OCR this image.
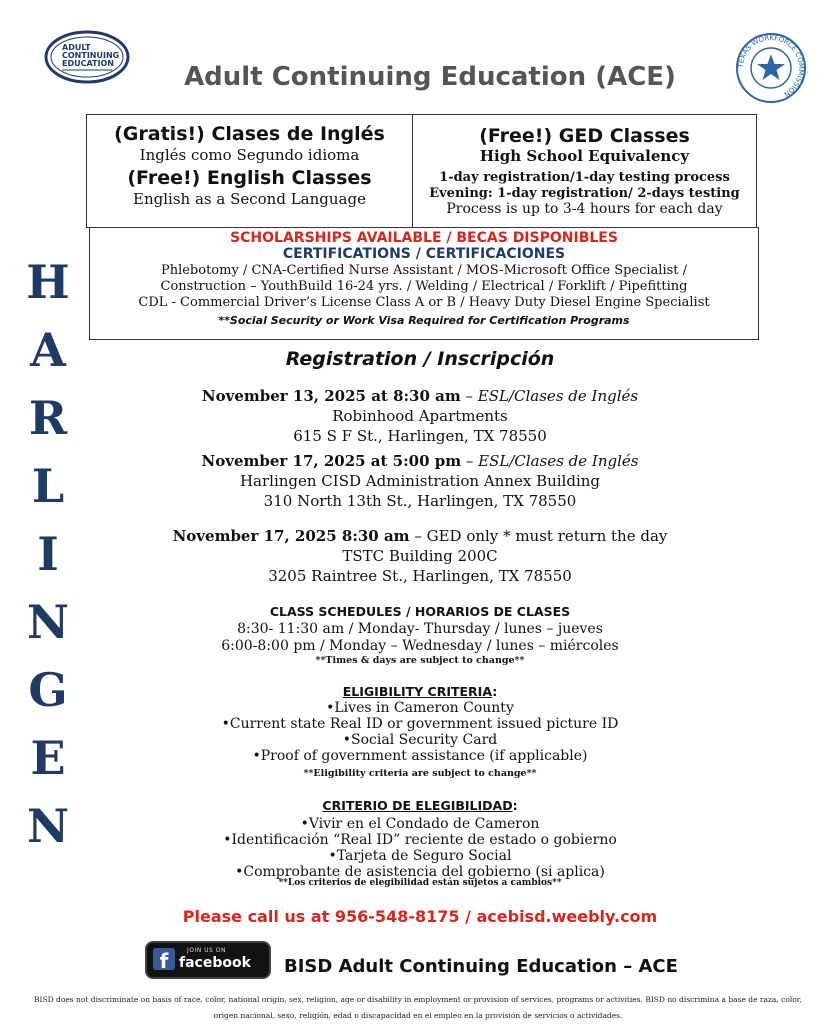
ADULT
CONTINUING
EDUCATION	Adult Continuing Education (ACE)	TEXAS WORKFORCE COMMISSION
(Gratis!) Clases de Inglés
Inglés como Segundo idioma
(Free!) English Classes
English as a Second Language
(Free!) GED Classes
High School Equivalency
1-day registration/1-day testing process
Evening: 1-day registration/ 2-days testing
Process is up to 3-4 hours for each day
SCHOLARSHIPS AVAILABLE / BECAS DISPONIBLES
CERTIFICATIONS / CERTIFICACIONES
Phlebotomy / CNA-Certified Nurse Assistant / MOS-Microsoft Office Specialist /
Construction – YouthBuild 16-24 yrs. / Welding / Electrical / Forklift / Pipefitting
CDL - Commercial Driver’s License Class A or B / Heavy Duty Diesel Engine Specialist
**Social Security or Work Visa Required for Certification Programs
H
A
R
L
I
N
G
E
N
Registration / Inscripción
November 13, 2025 at 8:30 am – ESL/Clases de Inglés
Robinhood Apartments
615 S F St., Harlingen, TX 78550
November 17, 2025 at 5:00 pm – ESL/Clases de Inglés
Harlingen CISD Administration Annex Building
310 North 13th St., Harlingen, TX 78550
November 17, 2025 8:30 am – GED only * must return the day
TSTC Building 200C
3205 Raintree St., Harlingen, TX 78550
CLASS SCHEDULES / HORARIOS DE CLASES
8:30- 11:30 am / Monday- Thursday / lunes – jueves
6:00-8:00 pm / Monday – Wednesday / lunes – miércoles
**Times & days are subject to change**
ELIGIBILITY CRITERIA:
•Lives in Cameron County
•Current state Real ID or government issued picture ID
•Social Security Card
•Proof of government assistance (if applicable)
**Eligibility criteria are subject to change**
CRITERIO DE ELEGIBILIDAD:
•Vivir en el Condado de Cameron
•Identificación “Real ID” reciente de estado o gobierno
•Tarjeta de Seguro Social
•Comprobante de asistencia del gobierno (si aplica)
**Los criterios de elegibilidad están sujetos a cambios**
Please call us at 956-548-8175 / acebisd.weebly.com
f	JOIN US ON
facebook BISD Adult Continuing Education – ACE
BISD does not discriminate on basis of race, color, national origin, sex, religion, age or disability in employment or provision of services, programs or activities. BISD no discrimina a base de raza, color, origen nacional, sexo, religión, edad o discapacidad en el empleo en la provisión de servicios o actividades.
